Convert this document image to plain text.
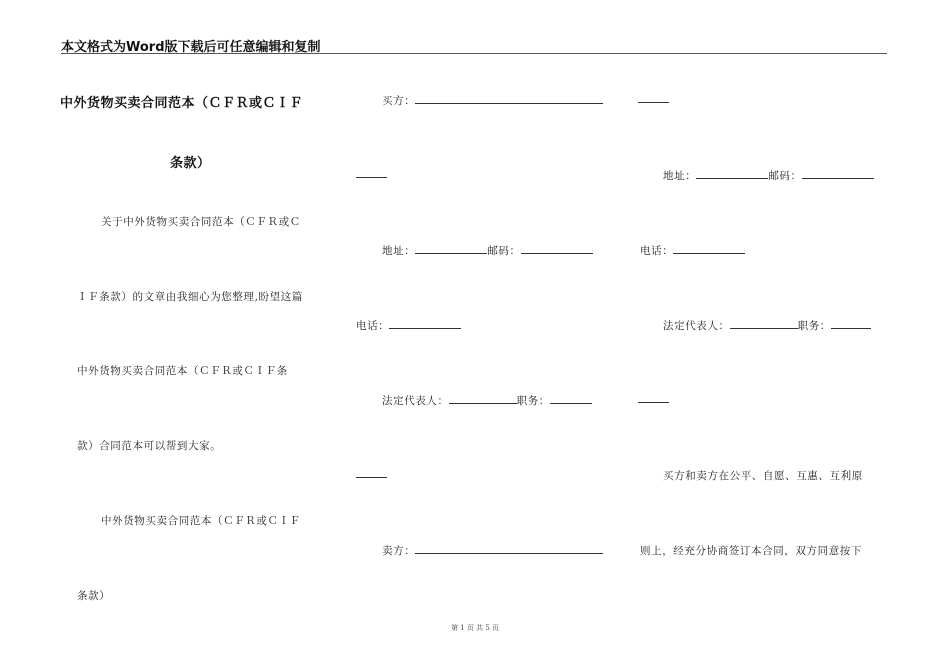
本文格式为Word版下载后可任意编辑和复制
中外货物买卖合同范本（ＣＦＲ或ＣＩＦ
条款）
关于中外货物买卖合同范本（ＣＦＲ或Ｃ
ＩＦ条款）的文章由我细心为您整理,盼望这篇
中外货物买卖合同范本（ＣＦＲ或ＣＩＦ条
款）合同范本可以帮到大家。
中外货物买卖合同范本（ＣＦＲ或ＣＩＦ
条款）
买方：
地址：	邮码：
电话：
法定代表人：	职务：
卖方：
地址：	邮码：
电话：
法定代表人：	职务：
买方和卖方在公平、自愿、互惠、互利原
则上，经充分协商签订本合同，双方同意按下
第 1 页 共 5 页
